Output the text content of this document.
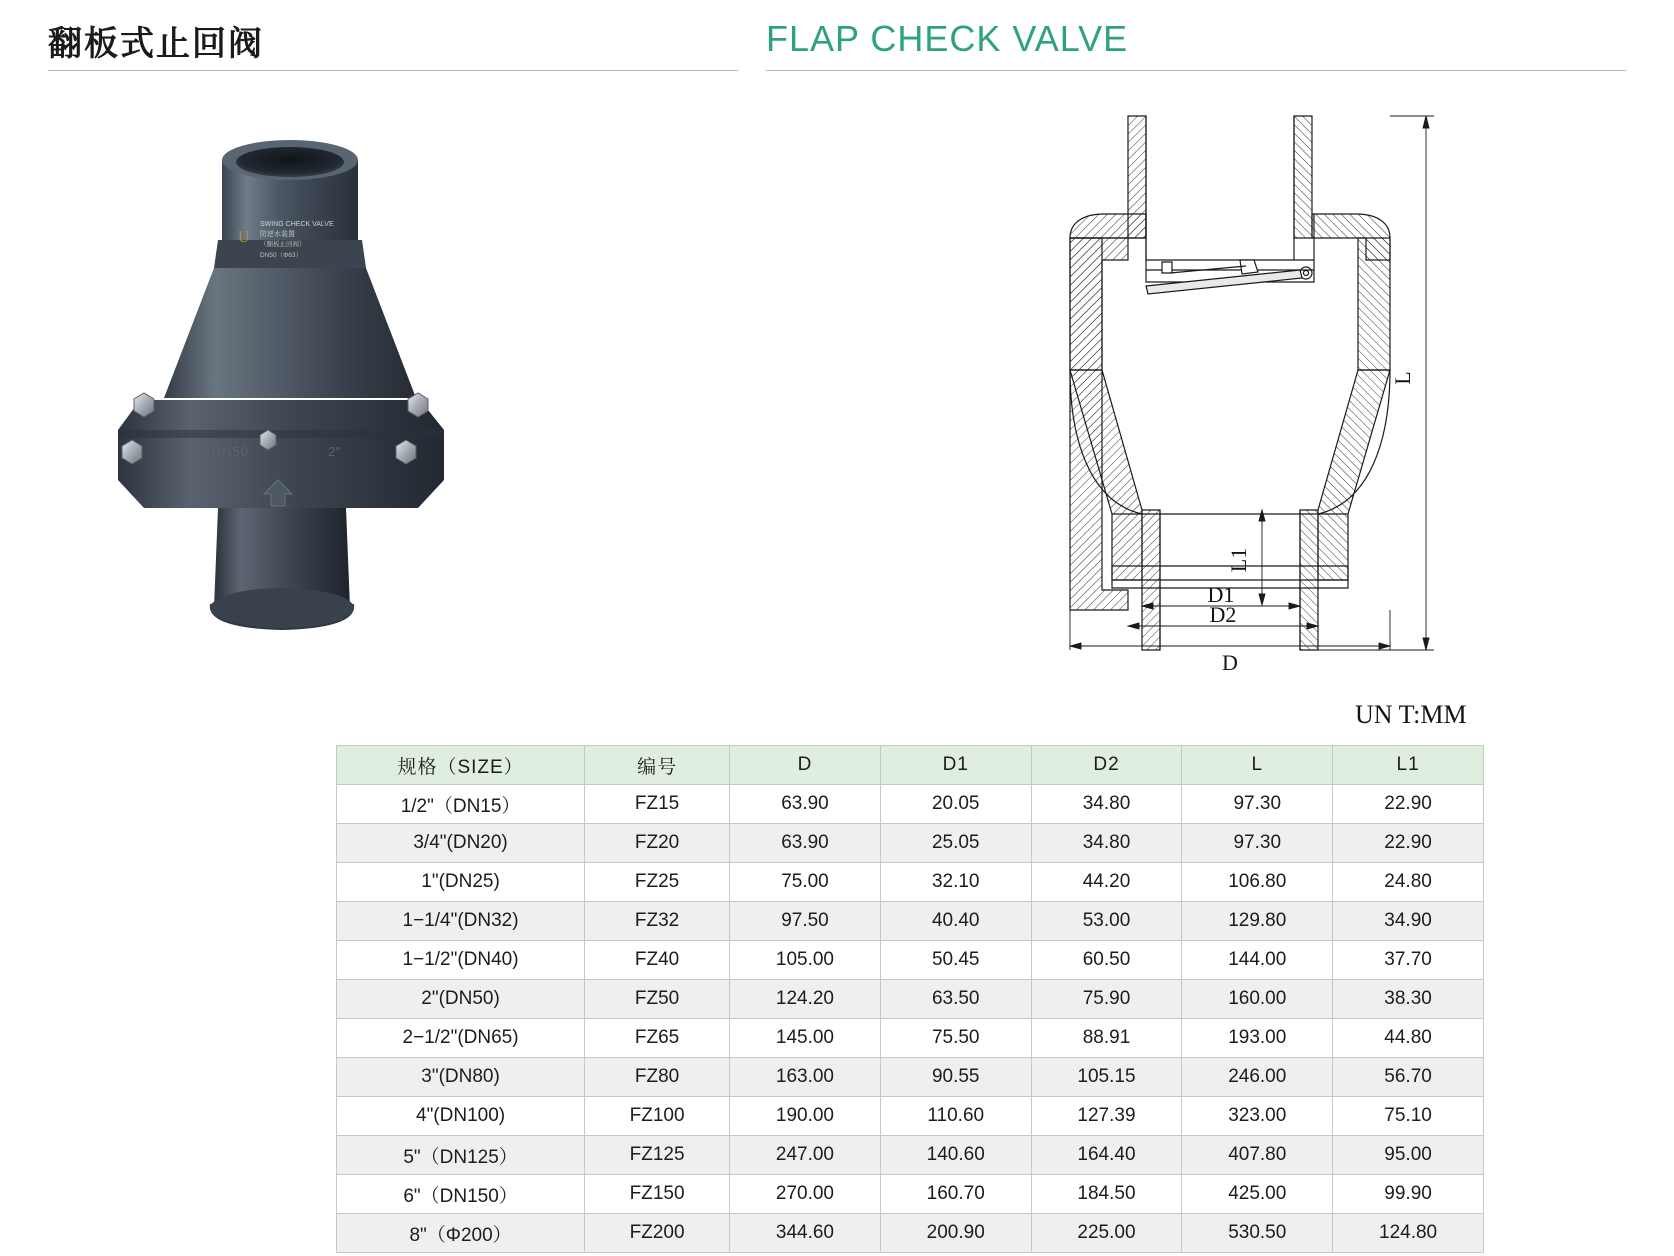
翻板式止回阀	FLAP CHECK VALVE
SWING CHECK VALVE
防逆水装置
（翻板止回阀）
DN50（Φ63）
U
DN50	2"
L
L1
D1
D2
D
UN T:MM
规格（SIZE）	编号	D	D1	D2	L	L1
1/2"（DN15）	FZ15	63.90	20.05	34.80	97.30	22.90
3/4"(DN20)	FZ20	63.90	25.05	34.80	97.30	22.90
1"(DN25)	FZ25	75.00	32.10	44.20	106.80	24.80
1−1/4"(DN32)	FZ32	97.50	40.40	53.00	129.80	34.90
1−1/2"(DN40)	FZ40	105.00	50.45	60.50	144.00	37.70
2"(DN50)	FZ50	124.20	63.50	75.90	160.00	38.30
2−1/2"(DN65)	FZ65	145.00	75.50	88.91	193.00	44.80
3"(DN80)	FZ80	163.00	90.55	105.15	246.00	56.70
4"(DN100)	FZ100	190.00	110.60	127.39	323.00	75.10
5"（DN125）	FZ125	247.00	140.60	164.40	407.80	95.00
6"（DN150）	FZ150	270.00	160.70	184.50	425.00	99.90
8"（Φ200）	FZ200	344.60	200.90	225.00	530.50	124.80
